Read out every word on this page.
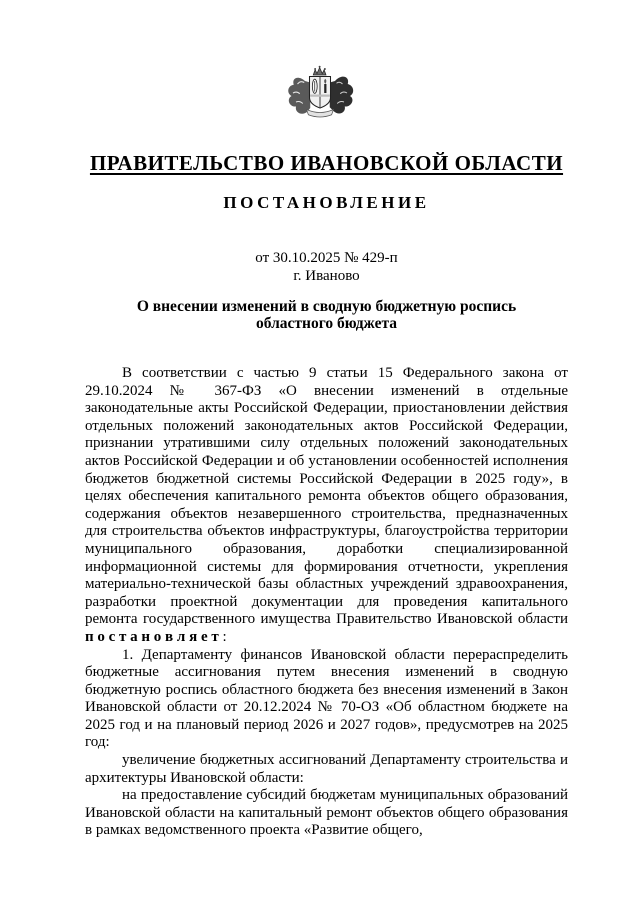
ПРАВИТЕЛЬСТВО ИВАНОВСКОЙ ОБЛАСТИ
ПОСТАНОВЛЕНИЕ
от 30.10.2025 № 429-п
г. Иваново
О внесении изменений в сводную бюджетную роспись областного бюджета

В соответствии с частью 9 статьи 15 Федерального закона от 29.10.2024 № 367-ФЗ «О внесении изменений в отдельные законодательные акты Российской Федерации, приостановлении действия отдельных положений законодательных актов Российской Федерации, признании утратившими силу отдельных положений законодательных актов Российской Федерации и об установлении особенностей исполнения бюджетов бюджетной системы Российской Федерации в 2025 году», в целях обеспечения капитального ремонта объектов общего образования, содержания объектов незавершенного строительства, предназначенных для строительства объектов инфраструктуры, благоустройства территории муниципального образования, доработки специализированной информационной системы для формирования отчетности, укрепления материально-технической базы областных учреждений здравоохранения, разработки проектной документации для проведения капитального ремонта государственного имущества Правительство Ивановской области п о с т а н о в л я е т :

1. Департаменту финансов Ивановской области перераспределить бюджетные ассигнования путем внесения изменений в сводную бюджетную роспись областного бюджета без внесения изменений в Закон Ивановской области от 20.12.2024 № 70-ОЗ «Об областном бюджете на 2025 год и на плановый период 2026 и 2027 годов», предусмотрев на 2025 год:

увеличение бюджетных ассигнований Департаменту строительства и архитектуры Ивановской области:

на предоставление субсидий бюджетам муниципальных образований Ивановской области на капитальный ремонт объектов общего образования в рамках ведомственного проекта «Развитие общего,
